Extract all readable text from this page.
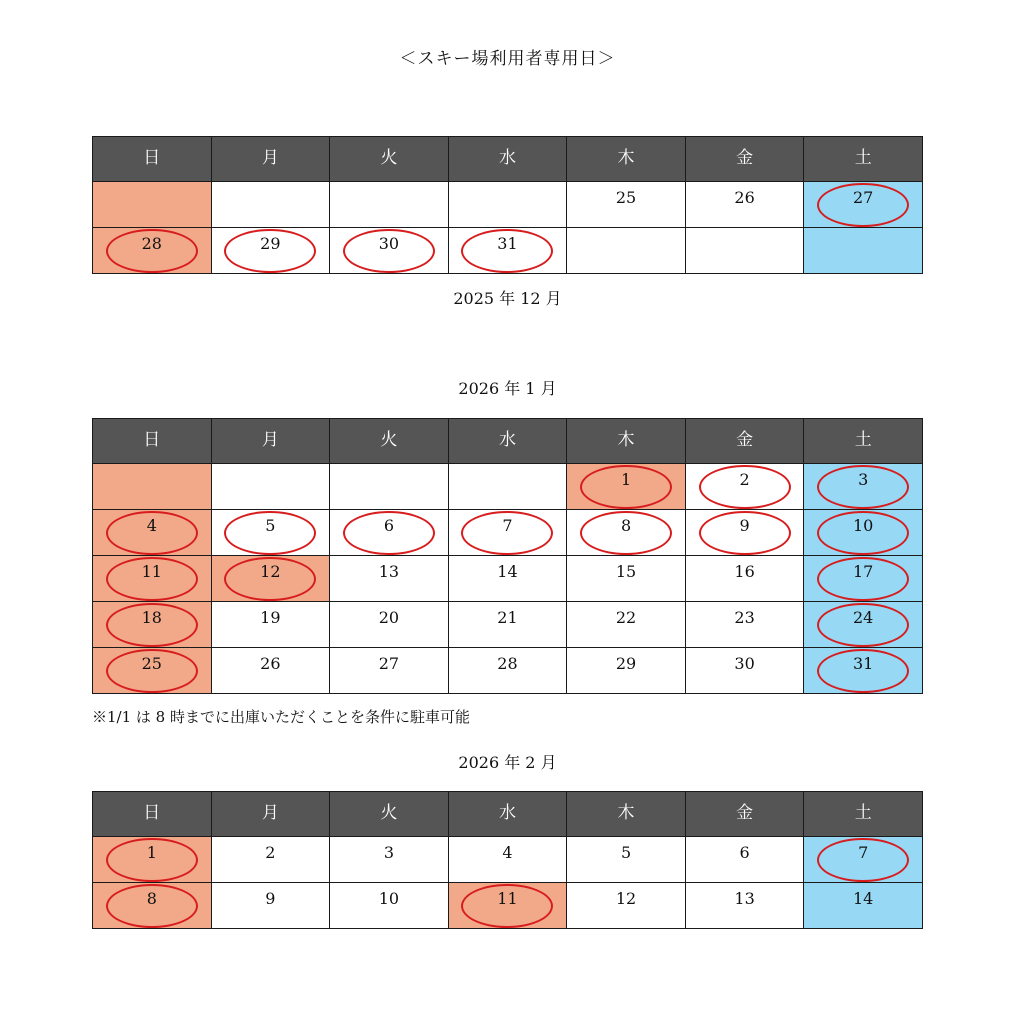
＜スキー場利用者専用日＞
日	月	火	水	木	金	土
				25	26	27

28	29	30	31

2025 年 12 月
2026 年 1 月
日	月	火	水	木	金	土
				1	2	3

4	5	6	7	8	9	10

11	12	13	14	15	16	17

18	19	20	21	22	23	24

25	26	27	28	29	30	31
※1/1 は 8 時までに出庫いただくことを条件に駐車可能
2026 年 2 月
日	月	火	水	木	金	土
1	2	3	4	5	6	7

8	9	10	11	12	13	14
